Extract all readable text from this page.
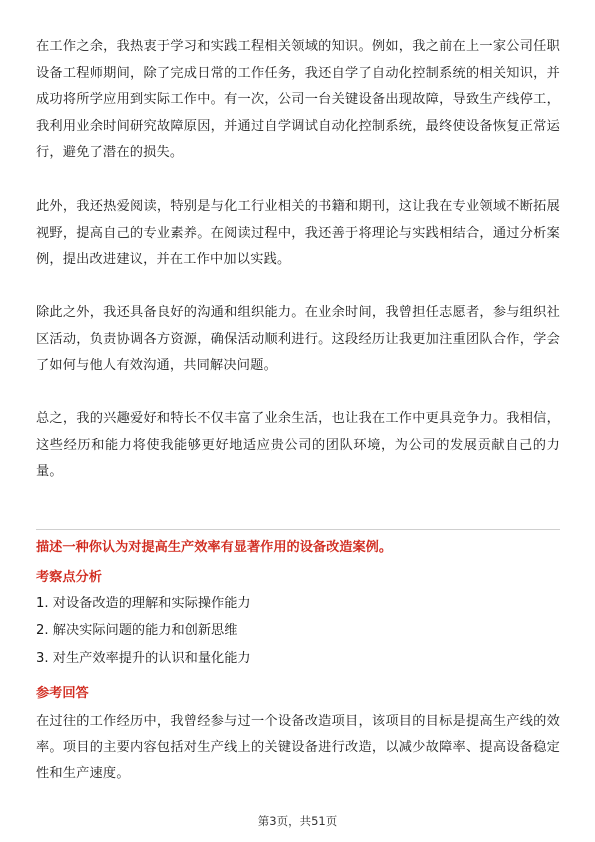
在工作之余，我热衷于学习和实践工程相关领域的知识。例如，我之前在上一家公司任职设备工程师期间，除了完成日常的工作任务，我还自学了自动化控制系统的相关知识，并成功将所学应用到实际工作中。有一次，公司一台关键设备出现故障，导致生产线停工，我利用业余时间研究故障原因，并通过自学调试自动化控制系统，最终使设备恢复正常运行，避免了潜在的损失。

此外，我还热爱阅读，特别是与化工行业相关的书籍和期刊，这让我在专业领域不断拓展视野，提高自己的专业素养。在阅读过程中，我还善于将理论与实践相结合，通过分析案例，提出改进建议，并在工作中加以实践。

除此之外，我还具备良好的沟通和组织能力。在业余时间，我曾担任志愿者，参与组织社区活动，负责协调各方资源，确保活动顺利进行。这段经历让我更加注重团队合作，学会了如何与他人有效沟通，共同解决问题。

总之，我的兴趣爱好和特长不仅丰富了业余生活，也让我在工作中更具竞争力。我相信，这些经历和能力将使我能够更好地适应贵公司的团队环境，为公司的发展贡献自己的力量。

描述一种你认为对提高生产效率有显著作用的设备改造案例。

考察点分析

1. 对设备改造的理解和实际操作能力

2. 解决实际问题的能力和创新思维

3. 对生产效率提升的认识和量化能力

参考回答

在过往的工作经历中，我曾经参与过一个设备改造项目，该项目的目标是提高生产线的效率。项目的主要内容包括对生产线上的关键设备进行改造，以减少故障率、提高设备稳定性和生产速度。

第3页，共51页
